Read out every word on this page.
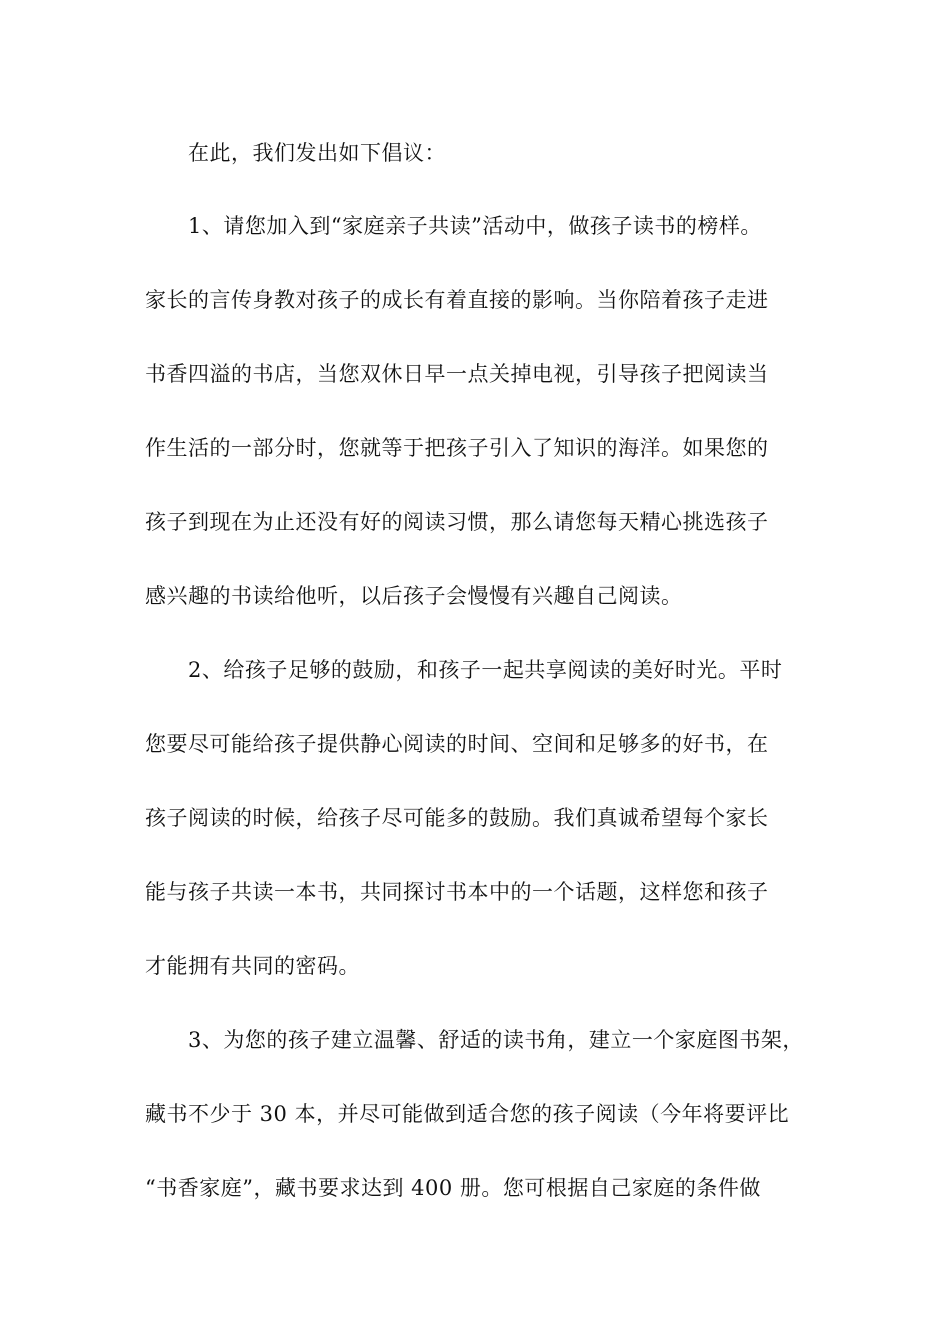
在此，我们发出如下倡议：
1、请您加入到“家庭亲子共读”活动中，做孩子读书的榜样。
家长的言传身教对孩子的成长有着直接的影响。当你陪着孩子走进
书香四溢的书店，当您双休日早一点关掉电视，引导孩子把阅读当
作生活的一部分时，您就等于把孩子引入了知识的海洋。如果您的
孩子到现在为止还没有好的阅读习惯，那么请您每天精心挑选孩子
感兴趣的书读给他听，以后孩子会慢慢有兴趣自己阅读。
2、给孩子足够的鼓励，和孩子一起共享阅读的美好时光。平时
您要尽可能给孩子提供静心阅读的时间、空间和足够多的好书，在
孩子阅读的时候，给孩子尽可能多的鼓励。我们真诚希望每个家长
能与孩子共读一本书，共同探讨书本中的一个话题，这样您和孩子
才能拥有共同的密码。
3、为您的孩子建立温馨、舒适的读书角，建立一个家庭图书架，
藏书不少于 30 本，并尽可能做到适合您的孩子阅读（今年将要评比
“书香家庭”，藏书要求达到 400 册。您可根据自己家庭的条件做
